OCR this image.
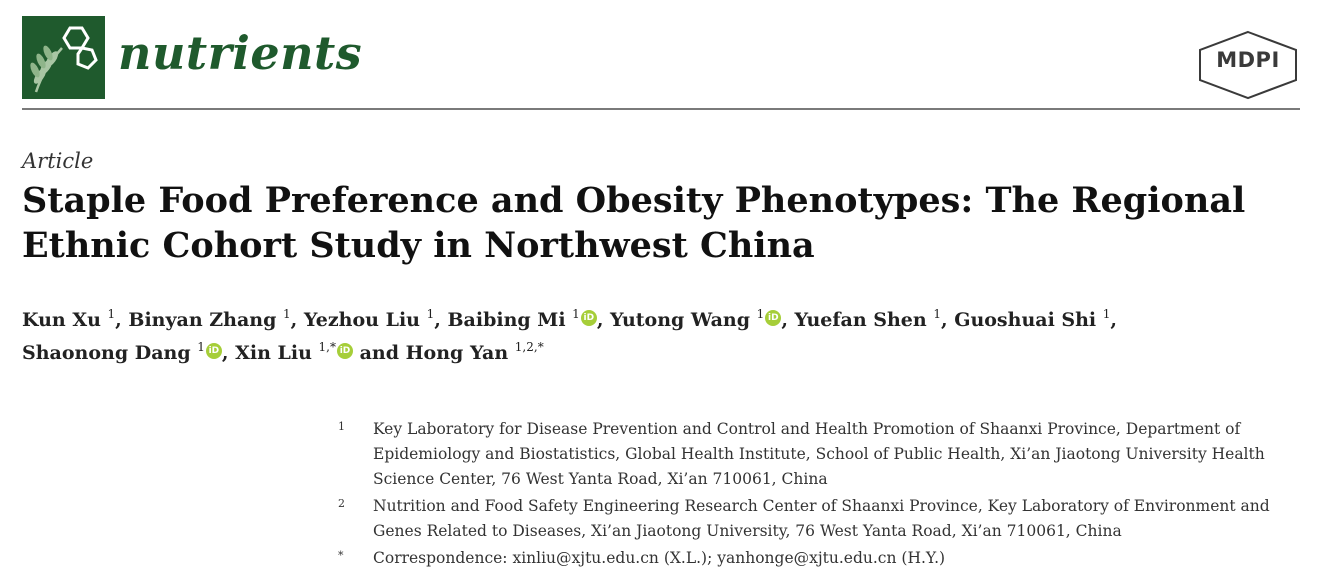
nutrients	MDPI
Article
Staple Food Preference and Obesity Phenotypes: The Regional Ethnic Cohort Study in Northwest China
Kun Xu $^1$, Binyan Zhang $^1$, Yezhou Liu $^1$, Baibing Mi $^1$ iD , Yutong Wang $^1$ iD , Yuefan Shen $^1$, Guoshuai Shi $^1$,
Shaonong Dang $^1$ iD , Xin Liu $^{1,*}$ iD and Hong Yan $^{1,2,*}$
1 Key Laboratory for Disease Prevention and Control and Health Promotion of Shaanxi Province, Department of Epidemiology and Biostatistics, Global Health Institute, School of Public Health, Xi’an Jiaotong University Health Science Center, 76 West Yanta Road, Xi’an 710061, China
2 Nutrition and Food Safety Engineering Research Center of Shaanxi Province, Key Laboratory of Environment and Genes Related to Diseases, Xi’an Jiaotong University, 76 West Yanta Road, Xi’an 710061, China
* Correspondence: xinliu@xjtu.edu.cn (X.L.); yanhonge@xjtu.edu.cn (H.Y.)
